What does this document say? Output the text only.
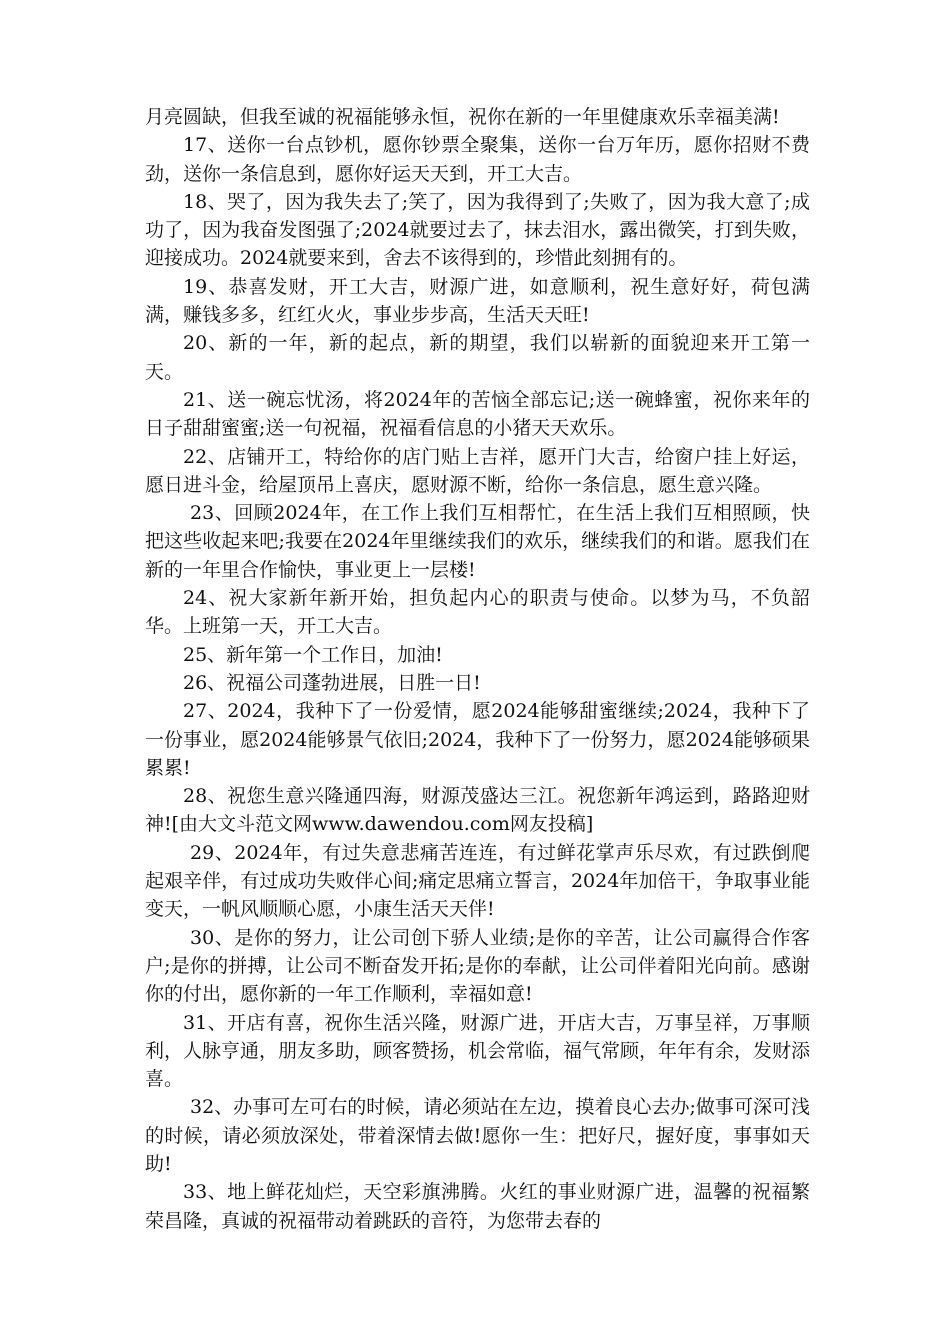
月亮圆缺，但我至诚的祝福能够永恒，祝你在新的一年里健康欢乐幸福美满!

17、送你一台点钞机，愿你钞票全聚集，送你一台万年历，愿你招财不费劲，送你一条信息到，愿你好运天天到，开工大吉。

18、哭了，因为我失去了;笑了，因为我得到了;失败了，因为我大意了;成功了，因为我奋发图强了;2024就要过去了，抹去泪水，露出微笑，打到失败，迎接成功。2024就要来到，舍去不该得到的，珍惜此刻拥有的。

19、恭喜发财，开工大吉，财源广进，如意顺利，祝生意好好，荷包满满，赚钱多多，红红火火，事业步步高，生活天天旺!

20、新的一年，新的起点，新的期望，我们以崭新的面貌迎来开工第一天。

21、送一碗忘忧汤，将2024年的苦恼全部忘记;送一碗蜂蜜，祝你来年的日子甜甜蜜蜜;送一句祝福，祝福看信息的小猪天天欢乐。

22、店铺开工，特给你的店门贴上吉祥，愿开门大吉，给窗户挂上好运，愿日进斗金，给屋顶吊上喜庆，愿财源不断，给你一条信息，愿生意兴隆。

23、回顾2024年，在工作上我们互相帮忙，在生活上我们互相照顾，快把这些收起来吧;我要在2024年里继续我们的欢乐，继续我们的和谐。愿我们在新的一年里合作愉快，事业更上一层楼!

24、祝大家新年新开始，担负起内心的职责与使命。以梦为马，不负韶华。上班第一天，开工大吉。

25、新年第一个工作日，加油!

26、祝福公司蓬勃进展，日胜一日!

27、2024，我种下了一份爱情，愿2024能够甜蜜继续;2024，我种下了一份事业，愿2024能够景气依旧;2024，我种下了一份努力，愿2024能够硕果累累!

28、祝您生意兴隆通四海，财源茂盛达三江。祝您新年鸿运到，路路迎财神![由大文斗范文网www.dawendou.com网友投稿]

29、2024年，有过失意悲痛苦连连，有过鲜花掌声乐尽欢，有过跌倒爬起艰辛伴，有过成功失败伴心间;痛定思痛立誓言，2024年加倍干，争取事业能变天，一帆风顺顺心愿，小康生活天天伴!

30、是你的努力，让公司创下骄人业绩;是你的辛苦，让公司赢得合作客户;是你的拼搏，让公司不断奋发开拓;是你的奉献，让公司伴着阳光向前。感谢你的付出，愿你新的一年工作顺利，幸福如意!

31、开店有喜，祝你生活兴隆，财源广进，开店大吉，万事呈祥，万事顺利，人脉亨通，朋友多助，顾客赞扬，机会常临，福气常顾，年年有余，发财添喜。

32、办事可左可右的时候，请必须站在左边，摸着良心去办;做事可深可浅的时候，请必须放深处，带着深情去做!愿你一生：把好尺，握好度，事事如天助!

33、地上鲜花灿烂，天空彩旗沸腾。火红的事业财源广进，温馨的祝福繁荣昌隆，真诚的祝福带动着跳跃的音符，为您带去春的
